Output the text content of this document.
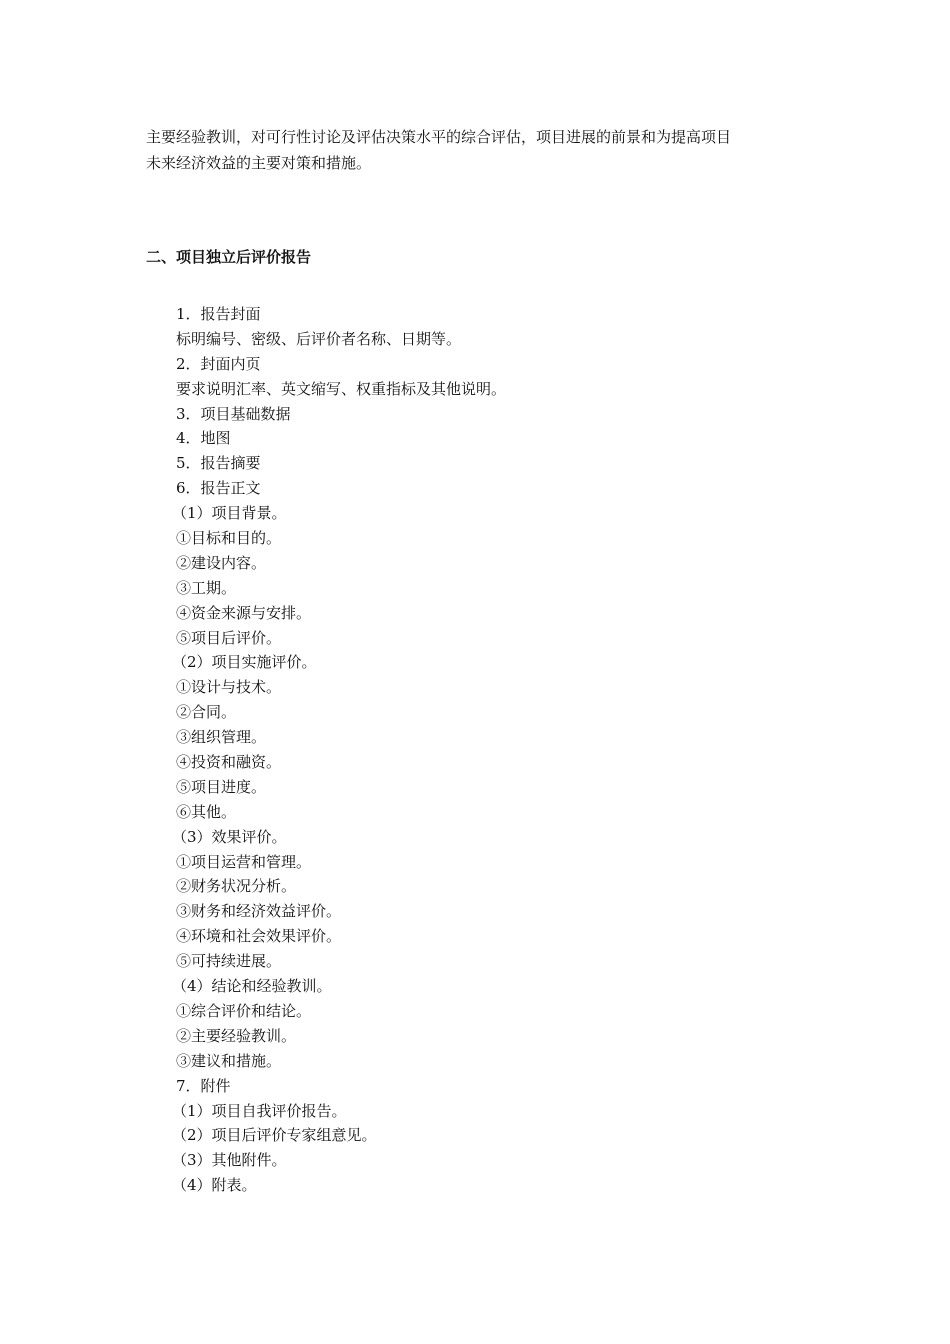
主要经验教训，对可行性讨论及评估决策水平的综合评估，项目进展的前景和为提高项目
未来经济效益的主要对策和措施。
二、项目独立后评价报告
1．报告封面
标明编号、密级、后评价者名称、日期等。
2．封面内页
要求说明汇率、英文缩写、权重指标及其他说明。
3．项目基础数据
4．地图
5．报告摘要
6．报告正文
（1）项目背景。
①目标和目的。
②建设内容。
③工期。
④资金来源与安排。
⑤项目后评价。
（2）项目实施评价。
①设计与技术。
②合同。
③组织管理。
④投资和融资。
⑤项目进度。
⑥其他。
（3）效果评价。
①项目运营和管理。
②财务状况分析。
③财务和经济效益评价。
④环境和社会效果评价。
⑤可持续进展。
（4）结论和经验教训。
①综合评价和结论。
②主要经验教训。
③建议和措施。
7．附件
（1）项目自我评价报告。
（2）项目后评价专家组意见。
（3）其他附件。
（4）附表。
